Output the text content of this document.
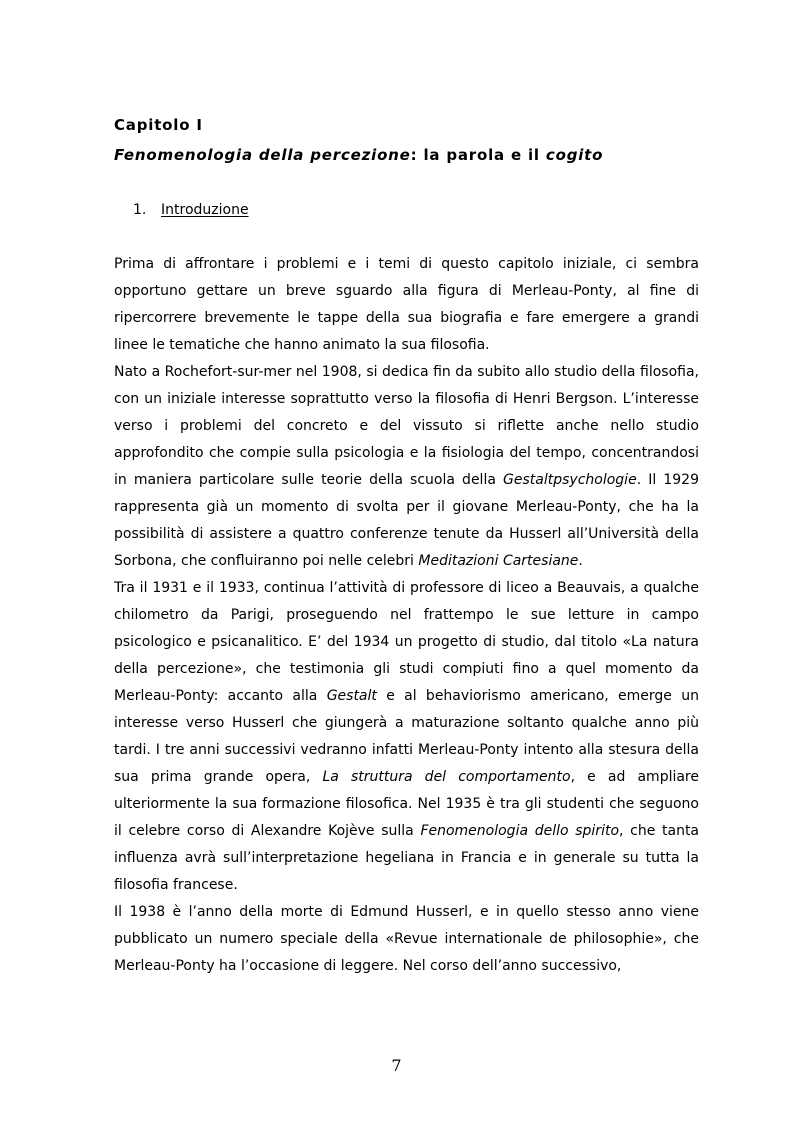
Capitolo I
Fenomenologia della percezione: la parola e il cogito
1. Introduzione

Prima di affrontare i problemi e i temi di questo capitolo iniziale, ci sembra opportuno gettare un breve sguardo alla figura di Merleau-Ponty, al fine di ripercorrere brevemente le tappe della sua biografia e fare emergere a grandi linee le tematiche che hanno animato la sua filosofia.

Nato a Rochefort-sur-mer nel 1908, si dedica fin da subito allo studio della filosofia, con un iniziale interesse soprattutto verso la filosofia di Henri Bergson. L’interesse verso i problemi del concreto e del vissuto si riflette anche nello studio approfondito che compie sulla psicologia e la fisiologia del tempo, concentrandosi in maniera particolare sulle teorie della scuola della Gestaltpsychologie. Il 1929 rappresenta già un momento di svolta per il giovane Merleau-Ponty, che ha la possibilità di assistere a quattro conferenze tenute da Husserl all’Università della Sorbona, che confluiranno poi nelle celebri Meditazioni Cartesiane.

Tra il 1931 e il 1933, continua l’attività di professore di liceo a Beauvais, a qualche chilometro da Parigi, proseguendo nel frattempo le sue letture in campo psicologico e psicanalitico. E’ del 1934 un progetto di studio, dal titolo «La natura della percezione», che testimonia gli studi compiuti fino a quel momento da Merleau-Ponty: accanto alla Gestalt e al behaviorismo americano, emerge un interesse verso Husserl che giungerà a maturazione soltanto qualche anno più tardi. I tre anni successivi vedranno infatti Merleau-Ponty intento alla stesura della sua prima grande opera, La struttura del comportamento, e ad ampliare ulteriormente la sua formazione filosofica. Nel 1935 è tra gli studenti che seguono il celebre corso di Alexandre Kojève sulla Fenomenologia dello spirito, che tanta influenza avrà sull’interpretazione hegeliana in Francia e in generale su tutta la filosofia francese.

Il 1938 è l’anno della morte di Edmund Husserl, e in quello stesso anno viene pubblicato un numero speciale della «Revue internationale de philosophie», che Merleau-Ponty ha l’occasione di leggere. Nel corso dell’anno successivo,

7
